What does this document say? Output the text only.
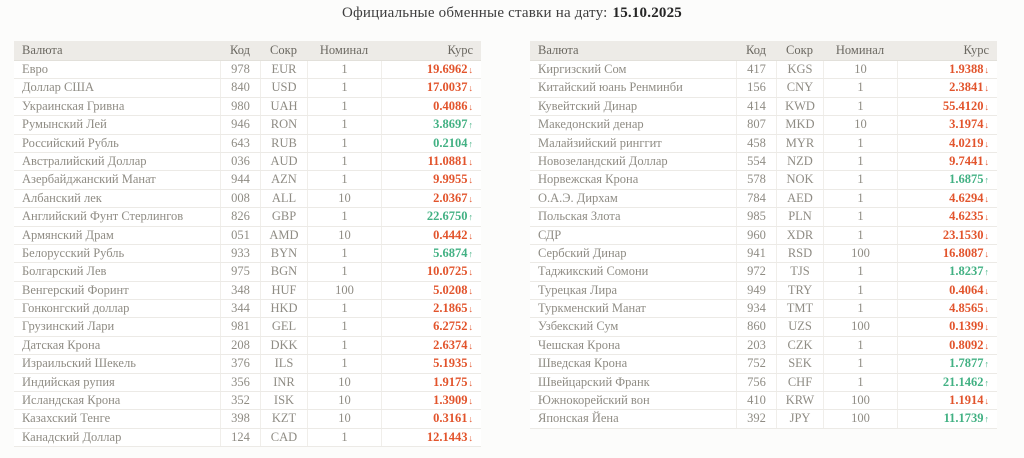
Официальные обменные ставки на дату: 15.10.2025
Валюта	Код	Сокр	Номинал	Курс
Евро	978	EUR	1	19.6962↓
Доллар США	840	USD	1	17.0037↓
Украинская Гривна	980	UAH	1	0.4086↓
Румынский Лей	946	RON	1	3.8697↑
Российский Рубль	643	RUB	1	0.2104↑
Австралийский Доллар	036	AUD	1	11.0881↓
Азербайджанский Манат	944	AZN	1	9.9955↓
Албанский лек	008	ALL	10	2.0367↓
Английский Фунт Стерлингов	826	GBP	1	22.6750↑
Армянский Драм	051	AMD	10	0.4442↓
Белорусский Рубль	933	BYN	1	5.6874↑
Болгарский Лев	975	BGN	1	10.0725↓
Венгерский Форинт	348	HUF	100	5.0208↓
Гонконгский доллар	344	HKD	1	2.1865↓
Грузинский Лари	981	GEL	1	6.2752↓
Датская Крона	208	DKK	1	2.6374↓
Израильский Шекель	376	ILS	1	5.1935↓
Индийская рупия	356	INR	10	1.9175↓
Исландская Крона	352	ISK	10	1.3909↓
Казахский Тенге	398	KZT	10	0.3161↓
Канадский Доллар	124	CAD	1	12.1443↓
Валюта	Код	Сокр	Номинал	Курс
Киргизский Сом	417	KGS	10	1.9388↓
Китайский юань Ренминби	156	CNY	1	2.3841↓
Кувейтский Динар	414	KWD	1	55.4120↓
Македонский денар	807	MKD	10	3.1974↓
Малайзийский ринггит	458	MYR	1	4.0219↓
Новозеландский Доллар	554	NZD	1	9.7441↓
Норвежская Крона	578	NOK	1	1.6875↑
О.А.Э. Дирхам	784	AED	1	4.6294↓
Польская Злота	985	PLN	1	4.6235↓
СДР	960	XDR	1	23.1530↓
Сербский Динар	941	RSD	100	16.8087↓
Таджикский Сомони	972	TJS	1	1.8237↑
Турецкая Лира	949	TRY	1	0.4064↓
Туркменский Манат	934	TMT	1	4.8565↓
Узбекский Сум	860	UZS	100	0.1399↓
Чешская Крона	203	CZK	1	0.8092↓
Шведская Крона	752	SEK	1	1.7877↑
Швейцарский Франк	756	CHF	1	21.1462↑
Южнокорейский вон	410	KRW	100	1.1914↓
Японская Йена	392	JPY	100	11.1739↑
